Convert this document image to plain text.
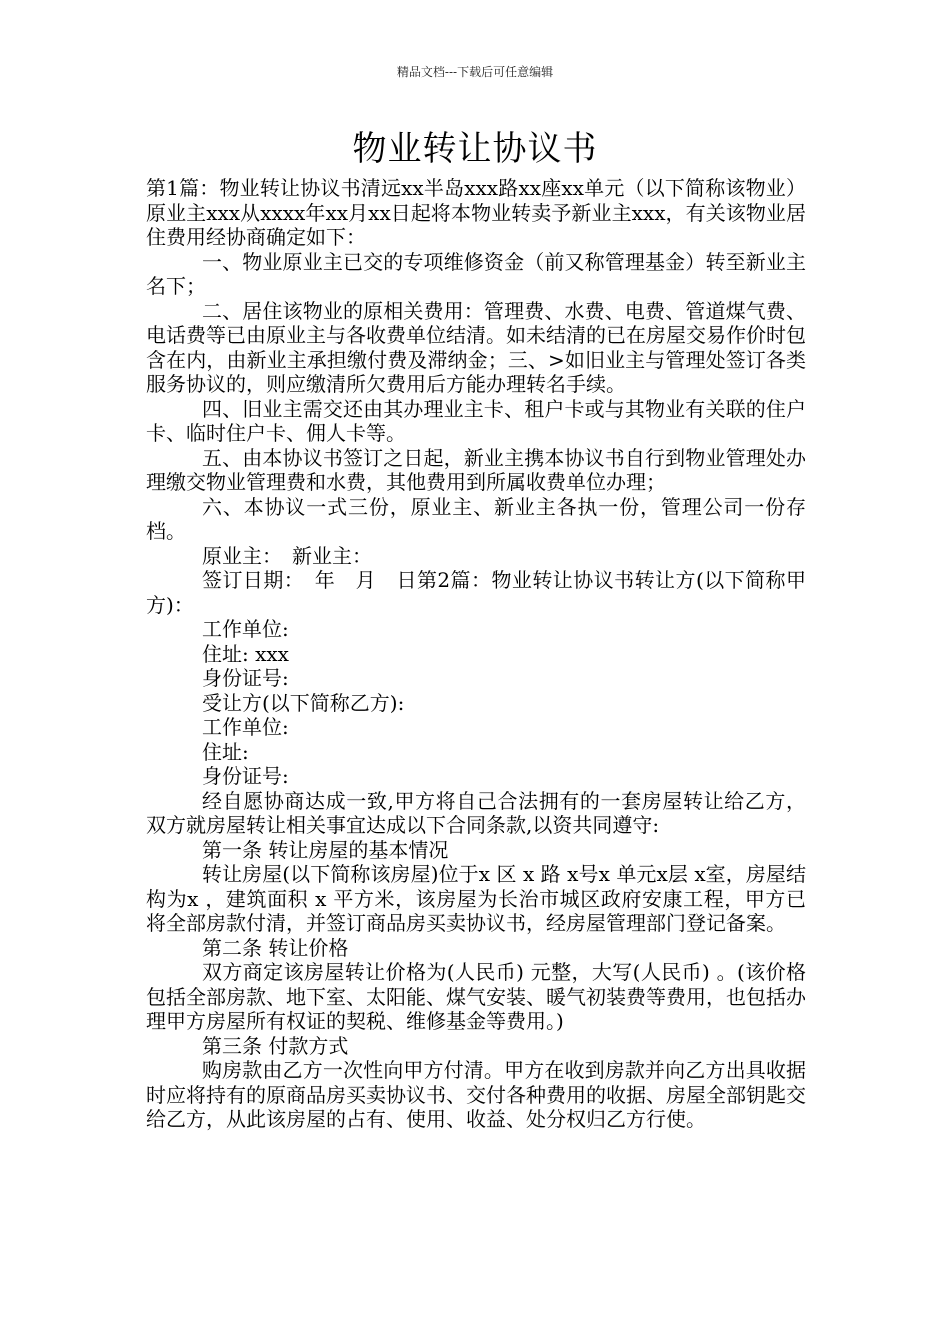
精品文档---下载后可任意编辑
物业转让协议书

第1篇：物业转让协议书清远xx半岛xxx路xx座xx单元（以下简称该物业）原业主xxx从xxxx年xx月xx日起将本物业转卖予新业主xxx，有关该物业居住费用经协商确定如下：

一、物业原业主已交的专项维修资金（前又称管理基金）转至新业主名下；

二、居住该物业的原相关费用：管理费、水费、电费、管道煤气费、电话费等已由原业主与各收费单位结清。如未结清的已在房屋交易作价时包含在内，由新业主承担缴付费及滞纳金；三、>如旧业主与管理处签订各类服务协议的，则应缴清所欠费用后方能办理转名手续。

四、旧业主需交还由其办理业主卡、租户卡或与其物业有关联的住户卡、临时住户卡、佣人卡等。

五、由本协议书签订之日起，新业主携本协议书自行到物业管理处办理缴交物业管理费和水费，其他费用到所属收费单位办理；

六、本协议一式三份，原业主、新业主各执一份，管理公司一份存档。

原业主：　新业主：

签订日期：　年　月　日第2篇：物业转让协议书转让方(以下简称甲方)：

工作单位:

住址: xxx

身份证号:

受让方(以下简称乙方):

工作单位:

住址:

身份证号:

经自愿协商达成一致,甲方将自己合法拥有的一套房屋转让给乙方，双方就房屋转让相关事宜达成以下合同条款,以资共同遵守:

第一条 转让房屋的基本情况

转让房屋(以下简称该房屋)位于x 区 x 路 x号x 单元x层 x室，房屋结构为x ，建筑面积 x 平方米，该房屋为长治市城区政府安康工程，甲方已将全部房款付清，并签订商品房买卖协议书，经房屋管理部门登记备案。

第二条 转让价格

双方商定该房屋转让价格为(人民币) 元整，大写(人民币) 。(该价格包括全部房款、地下室、太阳能、煤气安装、暖气初装费等费用，也包括办理甲方房屋所有权证的契税、维修基金等费用。)

第三条 付款方式

购房款由乙方一次性向甲方付清。甲方在收到房款并向乙方出具收据时应将持有的原商品房买卖协议书、交付各种费用的收据、房屋全部钥匙交给乙方，从此该房屋的占有、使用、收益、处分权归乙方行使。
